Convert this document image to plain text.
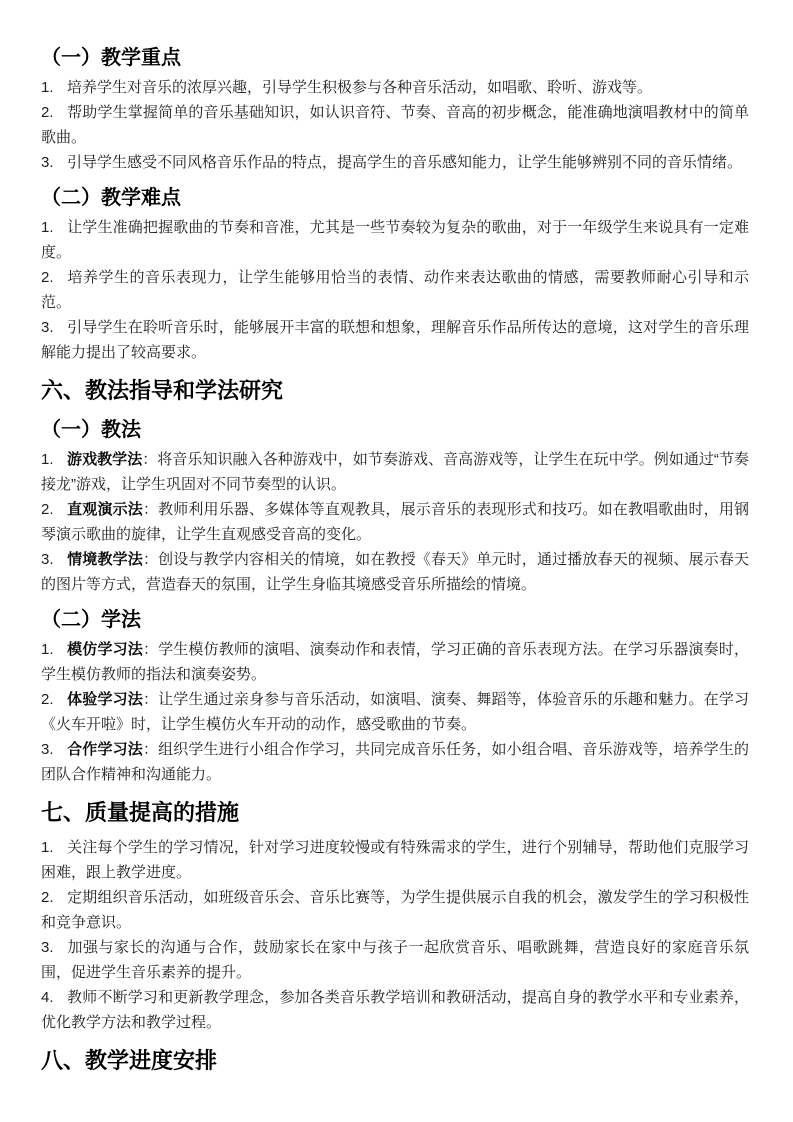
（一）教学重点

1. 培养学生对音乐的浓厚兴趣，引导学生积极参与各种音乐活动，如唱歌、聆听、游戏等。

2. 帮助学生掌握简单的音乐基础知识，如认识音符、节奏、音高的初步概念，能准确地演唱教材中的简单歌曲。

3. 引导学生感受不同风格音乐作品的特点，提高学生的音乐感知能力，让学生能够辨别不同的音乐情绪。

（二）教学难点

1. 让学生准确把握歌曲的节奏和音准，尤其是一些节奏较为复杂的歌曲，对于一年级学生来说具有一定难度。

2. 培养学生的音乐表现力，让学生能够用恰当的表情、动作来表达歌曲的情感，需要教师耐心引导和示范。

3. 引导学生在聆听音乐时，能够展开丰富的联想和想象，理解音乐作品所传达的意境，这对学生的音乐理解能力提出了较高要求。

六、教法指导和学法研究
（一）教法

1. 游戏教学法：将音乐知识融入各种游戏中，如节奏游戏、音高游戏等，让学生在玩中学。例如通过“节奏接龙”游戏，让学生巩固对不同节奏型的认识。

2. 直观演示法：教师利用乐器、多媒体等直观教具，展示音乐的表现形式和技巧。如在教唱歌曲时，用钢琴演示歌曲的旋律，让学生直观感受音高的变化。

3. 情境教学法：创设与教学内容相关的情境，如在教授《春天》单元时，通过播放春天的视频、展示春天的图片等方式，营造春天的氛围，让学生身临其境感受音乐所描绘的情境。

（二）学法

1. 模仿学习法：学生模仿教师的演唱、演奏动作和表情，学习正确的音乐表现方法。在学习乐器演奏时，学生模仿教师的指法和演奏姿势。

2. 体验学习法：让学生通过亲身参与音乐活动，如演唱、演奏、舞蹈等，体验音乐的乐趣和魅力。在学习《火车开啦》时，让学生模仿火车开动的动作，感受歌曲的节奏。

3. 合作学习法：组织学生进行小组合作学习，共同完成音乐任务，如小组合唱、音乐游戏等，培养学生的团队合作精神和沟通能力。

七、质量提高的措施

1. 关注每个学生的学习情况，针对学习进度较慢或有特殊需求的学生，进行个别辅导，帮助他们克服学习困难，跟上教学进度。

2. 定期组织音乐活动，如班级音乐会、音乐比赛等，为学生提供展示自我的机会，激发学生的学习积极性和竞争意识。

3. 加强与家长的沟通与合作，鼓励家长在家中与孩子一起欣赏音乐、唱歌跳舞，营造良好的家庭音乐氛围，促进学生音乐素养的提升。

4. 教师不断学习和更新教学理念，参加各类音乐教学培训和教研活动，提高自身的教学水平和专业素养，优化教学方法和教学过程。

八、教学进度安排
